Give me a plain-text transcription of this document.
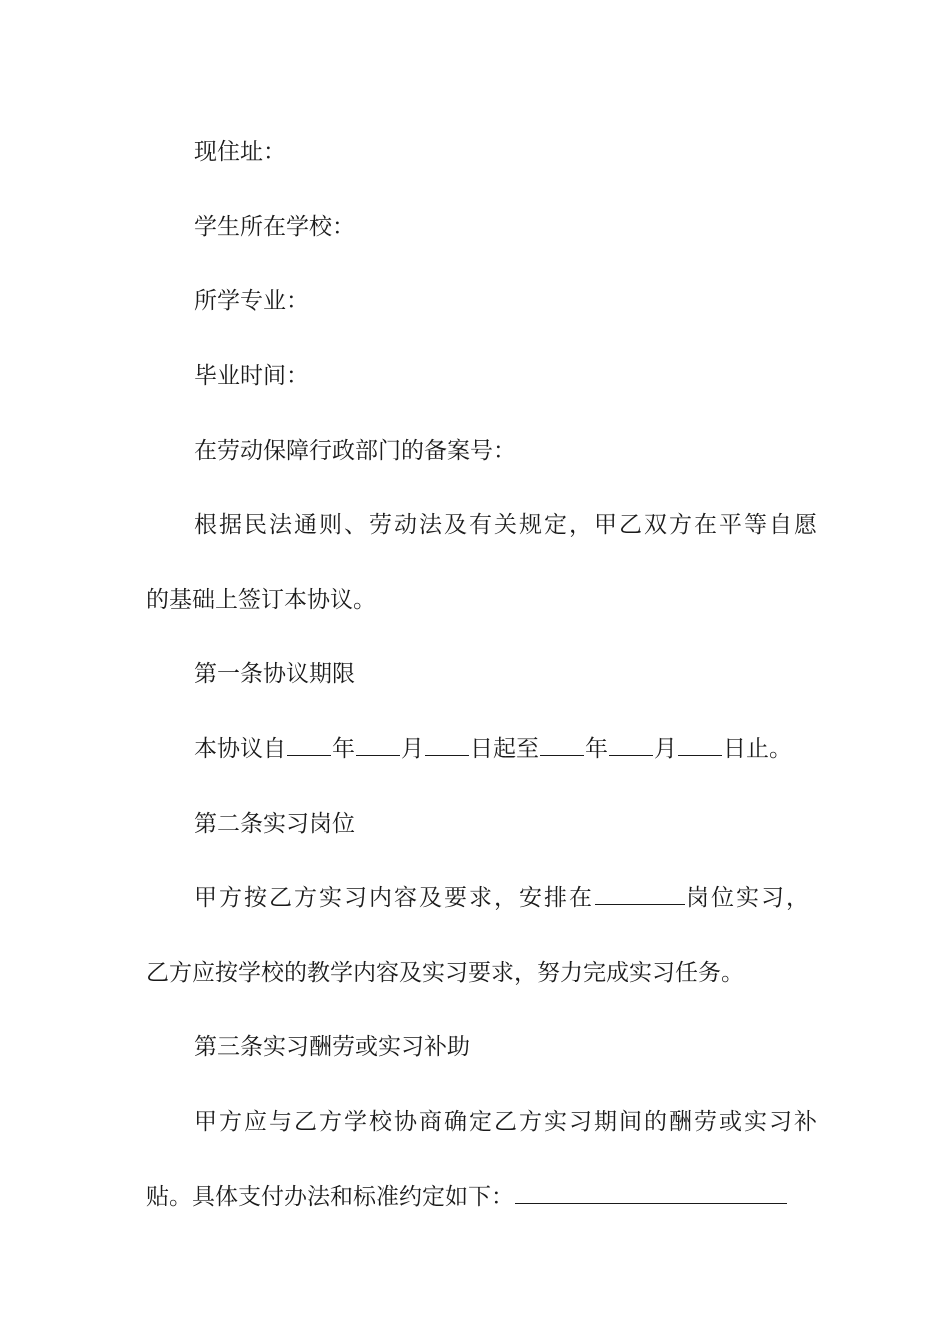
现住址：
学生所在学校：
所学专业：
毕业时间：
在劳动保障行政部门的备案号：
根据民法通则、劳动法及有关规定，甲乙双方在平等自愿
的基础上签订本协议。
第一条协议期限
本协议自 年 月 日起至 年 月 日止。
第二条实习岗位
甲方按乙方实习内容及要求，安排在	岗位实习，
乙方应按学校的教学内容及实习要求，努力完成实习任务。
第三条实习酬劳或实习补助
甲方应与乙方学校协商确定乙方实习期间的酬劳或实习补
贴。具体支付办法和标准约定如下：
